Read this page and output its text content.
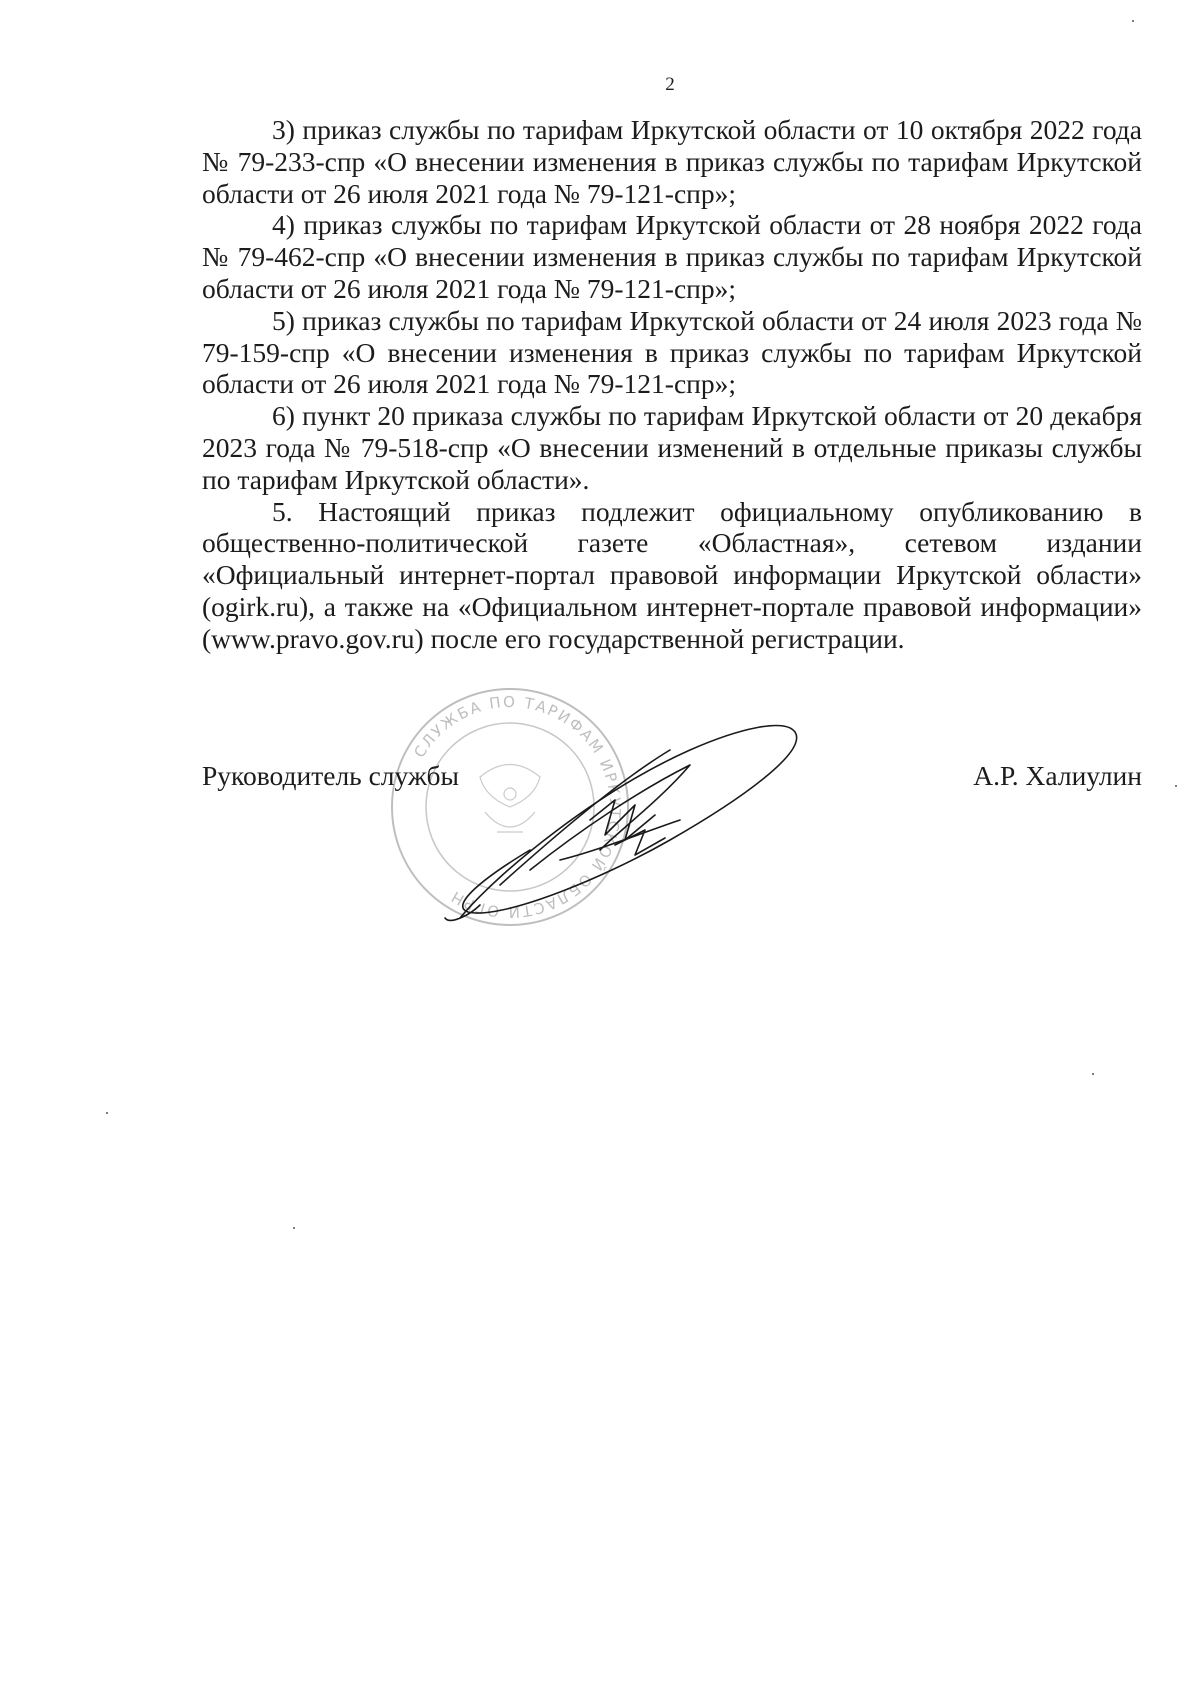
2

3) приказ службы по тарифам Иркутской области от 10 октября 2022 года № 79-233-спр «О внесении изменения в приказ службы по тарифам Иркутской области от 26 июля 2021 года № 79-121-спр»;

4) приказ службы по тарифам Иркутской области от 28 ноября 2022 года № 79-462-спр «О внесении изменения в приказ службы по тарифам Иркутской области от 26 июля 2021 года № 79-121-спр»;

5) приказ службы по тарифам Иркутской области от 24 июля 2023 года № 79-159-спр «О внесении изменения в приказ службы по тарифам Иркутской области от 26 июля 2021 года № 79-121-спр»;

6) пункт 20 приказа службы по тарифам Иркутской области от 20 декабря 2023 года № 79-518-спр «О внесении изменений в отдельные приказы службы по тарифам Иркутской области».

5. Настоящий приказ подлежит официальному опубликованию в общественно-политической газете «Областная», сетевом издании «Официальный интернет-портал правовой информации Иркутской области» (ogirk.ru), а также на «Официальном интернет-портале правовой информации» (www.pravo.gov.ru) после его государственной регистрации.

СЛУЖБА ПО ТАРИФАМ ИРКУТСКОЙ ОБЛАСТИ ОГРН
Руководитель службы	А.Р. Халиулин
